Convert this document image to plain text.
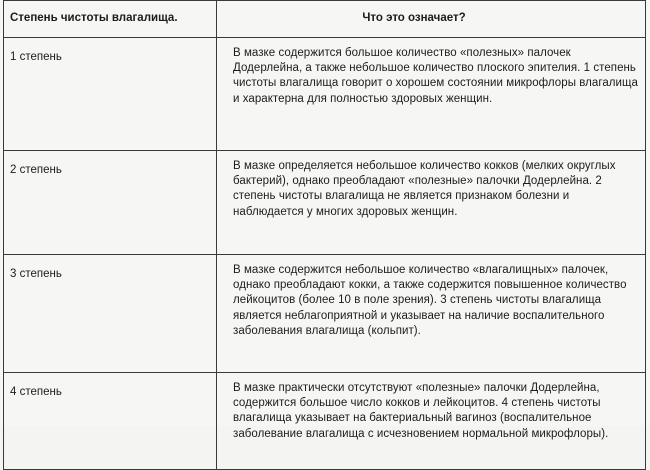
Степень чистоты влагалища.	Что это означает?
1 степень	В мазке содержится большое количество «полезных» палочек Додерлейна, а также небольшое количество плоского эпителия. 1 степень чистоты влагалища говорит о хорошем состоянии микрофлоры влагалища и характерна для полностью здоровых женщин.
2 степень	В мазке определяется небольшое количество кокков (мелких округлых бактерий), однако преобладают «полезные» палочки Додерлейна. 2 степень чистоты влагалища не является признаком болезни и наблюдается у многих здоровых женщин.
3 степень	В мазке содержится небольшое количество «влагалищных» палочек, однако преобладают кокки, а также содержится повышенное количество лейкоцитов (более 10 в поле зрения). 3 степень чистоты влагалища является неблагоприятной и указывает на наличие воспалительного заболевания влагалища (кольпит).
4 степень	В мазке практически отсутствуют «полезные» палочки Додерлейна, содержится большое число кокков и лейкоцитов. 4 степень чистоты влагалища указывает на бактериальный вагиноз (воспалительное заболевание влагалища с исчезновением нормальной микрофлоры).
